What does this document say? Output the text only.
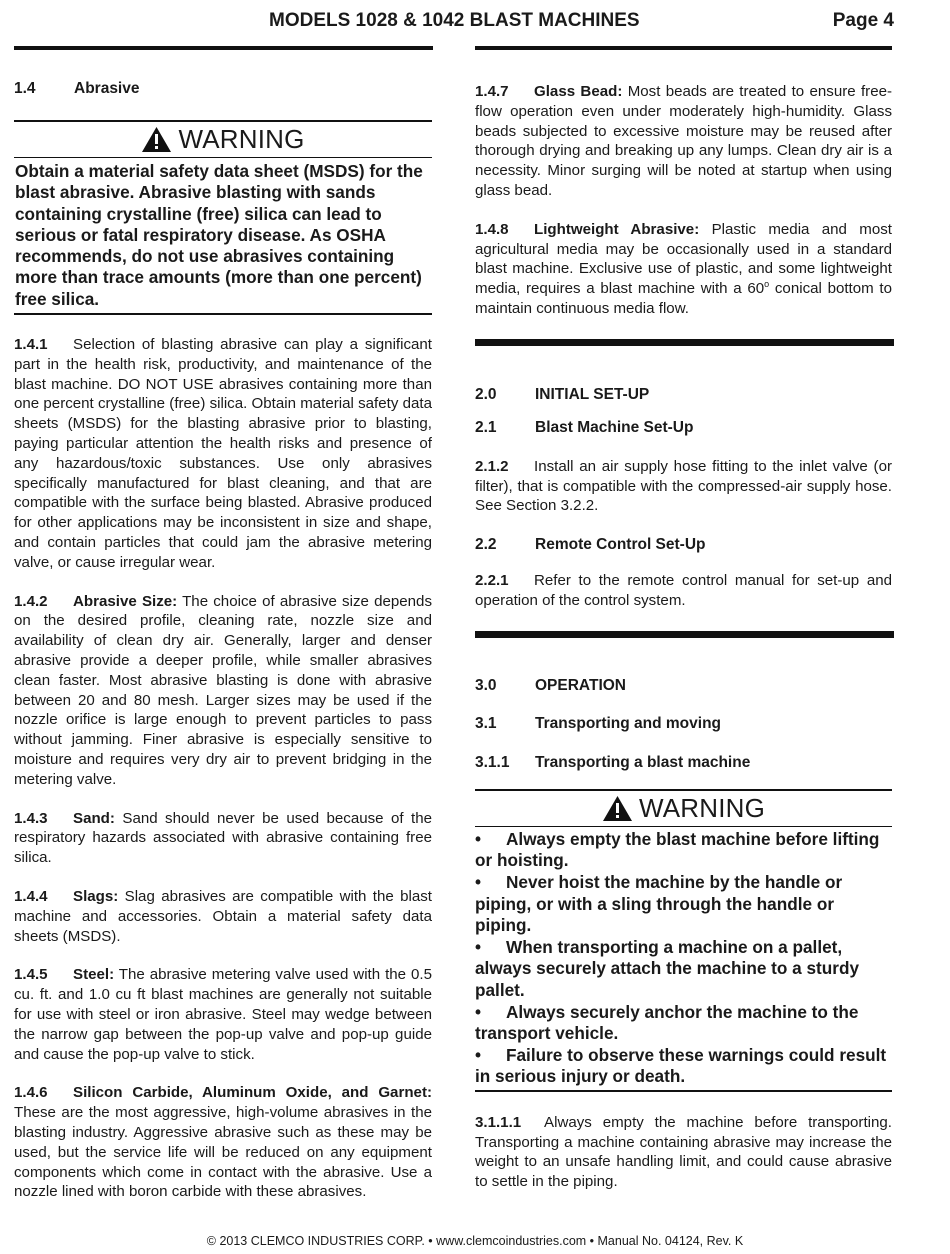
MODELS 1028 & 1042 BLAST MACHINES	Page 4
1.4 Abrasive
WARNING
Obtain a material safety data sheet (MSDS) for the blast abrasive. Abrasive blasting with sands containing crystalline (free) silica can lead to serious or fatal respiratory disease. As OSHA recommends, do not use abrasives containing more than trace amounts (more than one percent) free silica.

1.4.1 Selection of blasting abrasive can play a significant part in the health risk, productivity, and maintenance of the blast machine. DO NOT USE abrasives containing more than one percent crystalline (free) silica. Obtain material safety data sheets (MSDS) for the blasting abrasive prior to blasting, paying particular attention the health risks and presence of any hazardous/toxic substances. Use only abrasives specifically manufactured for blast cleaning, and that are compatible with the surface being blasted. Abrasive produced for other applications may be inconsistent in size and shape, and contain particles that could jam the abrasive metering valve, or cause irregular wear.

1.4.2 Abrasive Size: The choice of abrasive size depends on the desired profile, cleaning rate, nozzle size and availability of clean dry air. Generally, larger and denser abrasive provide a deeper profile, while smaller abrasives clean faster. Most abrasive blasting is done with abrasive between 20 and 80 mesh. Larger sizes may be used if the nozzle orifice is large enough to prevent particles to pass without jamming. Finer abrasive is especially sensitive to moisture and requires very dry air to prevent bridging in the metering valve.

1.4.3 Sand: Sand should never be used because of the respiratory hazards associated with abrasive containing free silica.

1.4.4 Slags: Slag abrasives are compatible with the blast machine and accessories. Obtain a material safety data sheets (MSDS).

1.4.5 Steel: The abrasive metering valve used with the 0.5 cu. ft. and 1.0 cu ft blast machines are generally not suitable for use with steel or iron abrasive. Steel may wedge between the narrow gap between the pop-up valve and pop-up guide and cause the pop-up valve to stick.

1.4.6 Silicon Carbide, Aluminum Oxide, and Garnet: These are the most aggressive, high-volume abrasives in the blasting industry. Aggressive abrasive such as these may be used, but the service life will be reduced on any equipment components which come in contact with the abrasive. Use a nozzle lined with boron carbide with these abrasives.

1.4.7 Glass Bead: Most beads are treated to ensure free-flow operation even under moderately high-humidity. Glass beads subjected to excessive moisture may be reused after thorough drying and breaking up any lumps. Clean dry air is a necessity. Minor surging will be noted at startup when using glass bead.

1.4.8 Lightweight Abrasive: Plastic media and most agricultural media may be occasionally used in a standard blast machine. Exclusive use of plastic, and some lightweight media, requires a blast machine with a 60$^o$ conical bottom to maintain continuous media flow.

2.0 INITIAL SET-UP
2.1 Blast Machine Set-Up

2.1.2 Install an air supply hose fitting to the inlet valve (or filter), that is compatible with the compressed-air supply hose. See Section 3.2.2.

2.2 Remote Control Set-Up

2.2.1 Refer to the remote control manual for set-up and operation of the control system.

3.0 OPERATION
3.1 Transporting and moving
3.1.1 Transporting a blast machine
WARNING
• Always empty the blast machine before lifting or hoisting.
• Never hoist the machine by the handle or piping, or with a sling through the handle or piping.
• When transporting a machine on a pallet, always securely attach the machine to a sturdy pallet.
• Always securely anchor the machine to the transport vehicle.
• Failure to observe these warnings could result in serious injury or death.

3.1.1.1 Always empty the machine before transporting. Transporting a machine containing abrasive may increase the weight to an unsafe handling limit, and could cause abrasive to settle in the piping.

© 2013 CLEMCO INDUSTRIES CORP. • www.clemcoindustries.com • Manual No. 04124, Rev. K
